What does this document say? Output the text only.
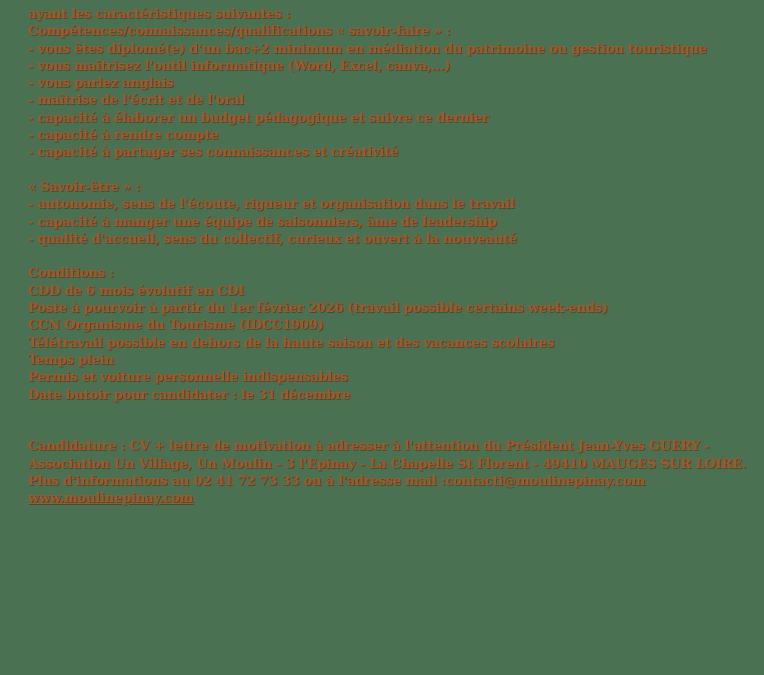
ayant les caractéristiques suivantes :
Compétences/connaissances/qualifications « savoir-faire » :
- vous êtes diplomé(e) d'un bac+2 minimum en médiation du patrimoine ou gestion touristique
- vous maîtrisez l'outil informatique (Word, Excel, canva,...)
- vous parlez anglais
- maîtrise de l'écrit et de l'oral
- capacité à élaborer un budget pédagogique et suivre ce dernier
- capacité à rendre compte
- capacité à partager ses connaissances et créativité
« Savoir-être » :
- autonomie, sens de l'écoute, rigueur et organisation dans le travail
- capacité à manger une équipe de saisonniers, âme de leadership
- qualité d'accueil, sens du collectif, curieux et ouvert à la nouveauté
Conditions :
CDD de 6 mois évolutif en CDI
Poste à pourvoir à partir du 1er février 2026 (travail possible certains week-ends)
CCN Organisme du Tourisme (IDCC1909)
Télétravail possible en dehors de la haute saison et des vacances scolaires
Temps plein
Permis et voiture personnelle indispensables
Date butoir pour candidater : le 31 décembre
Candidature : CV + lettre de motivation à adresser à l'attention du Président Jean-Yves GUERY -
Association Un Village, Un Moulin - 3 l'Epinay - La Chapelle St Florent - 49410 MAUGES SUR LOIRE.
Plus d'informations au 02 41 72 73 33 ou à l'adresse mail :contacti@moulinepinay.com
www.moulinepinay.com
